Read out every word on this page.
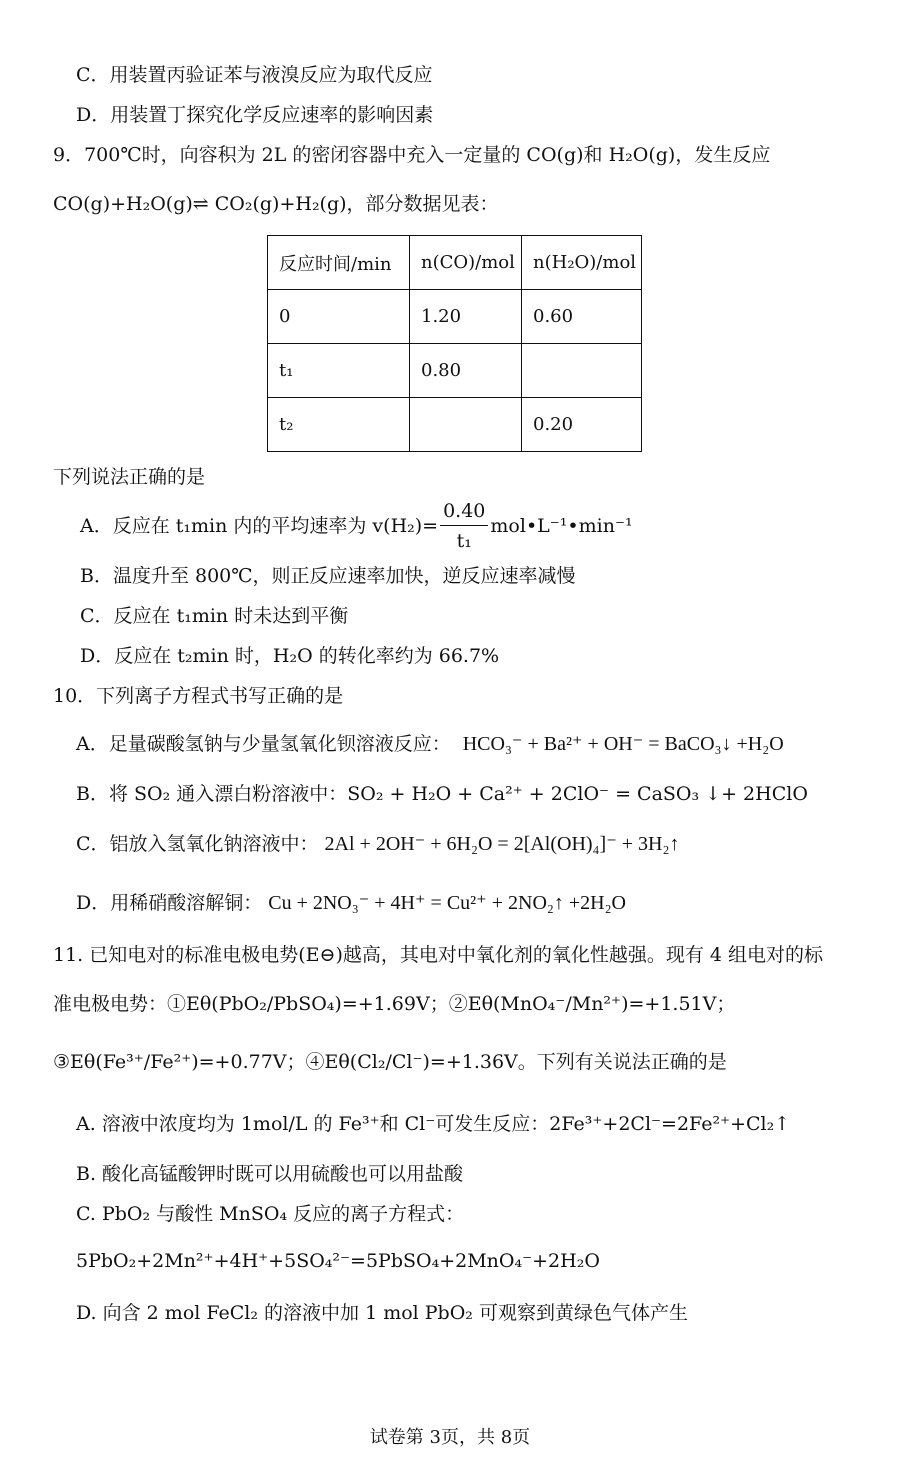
C．用装置丙验证苯与液溴反应为取代反应
D．用装置丁探究化学反应速率的影响因素
9．700℃时，向容积为 2L 的密闭容器中充入一定量的 CO(g)和 H₂O(g)，发生反应
CO(g)+H₂O(g)⇌ CO₂(g)+H₂(g)，部分数据见表：
反应时间/min	n(CO)/mol	n(H₂O)/mol
0	1.20	0.60
t₁	0.80	
t₂		0.20
下列说法正确的是
A．反应在 t₁min 内的平均速率为 $v(H_2)= \frac{0.40}{\text{t₁}}$ mol•L⁻¹•min⁻¹
B．温度升至 800℃，则正反应速率加快，逆反应速率减慢
C．反应在 t₁min 时未达到平衡
D．反应在 t₂min 时，H₂O 的转化率约为 66.7%
10．下列离子方程式书写正确的是
A．足量碳酸氢钠与少量氢氧化钡溶液反应： HCO₃⁻ + Ba²⁺ + OH⁻ = BaCO₃↓ +H₂O
B．将 SO₂ 通入漂白粉溶液中：SO₂ + H₂O + Ca²⁺ + 2ClO⁻ = CaSO₃ ↓+ 2HClO
C．铝放入氢氧化钠溶液中： 2Al + 2OH⁻ + 6H₂O = 2[Al(OH)₄]⁻ + 3H₂↑
D．用稀硝酸溶解铜： Cu + 2NO₃⁻ + 4H⁺ = Cu²⁺ + 2NO₂↑ +2H₂O
11. 已知电对的标准电极电势(E⊖)越高，其电对中氧化剂的氧化性越强。现有 4 组电对的标
准电极电势：①Eθ(PbO₂/PbSO₄)=+1.69V；②Eθ(MnO₄⁻/Mn²⁺)=+1.51V；
③Eθ(Fe³⁺/Fe²⁺)=+0.77V；④Eθ(Cl₂/Cl⁻)=+1.36V。下列有关说法正确的是
A. 溶液中浓度均为 1mol/L 的 Fe³⁺和 Cl⁻可发生反应：2Fe³⁺+2Cl⁻=2Fe²⁺+Cl₂↑
B. 酸化高锰酸钾时既可以用硫酸也可以用盐酸
C. PbO₂ 与酸性 MnSO₄ 反应的离子方程式：
5PbO₂+2Mn²⁺+4H⁺+5SO₄²⁻=5PbSO₄+2MnO₄⁻+2H₂O
D. 向含 2 mol FeCl₂ 的溶液中加 1 mol PbO₂ 可观察到黄绿色气体产生
试卷第 3页，共 8页
